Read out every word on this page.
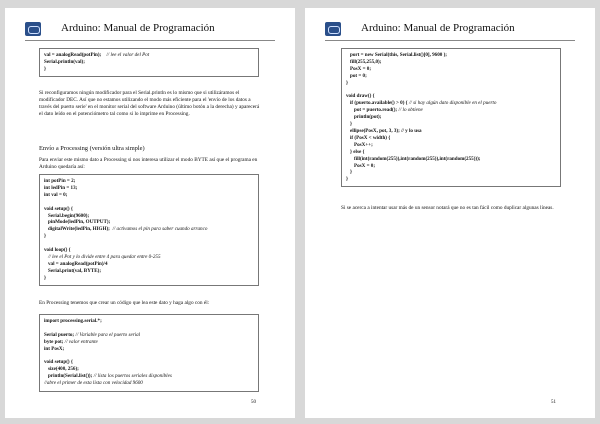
Arduino: Manual de Programación
val = analogRead(potPin); // lee el valor del Pot
Serial.println(val);
}
Si reconfiguramos ningún modificador para el Serial.println es lo mismo que si utilizáramos el modificador DEC. Así que no estamos utilizando el modo más eficiente para el 'envío de los datos a través del puerto serie' en el monitor serial del software Arduino (último botón a la derecha) y aparecerá el dato leído en el potenciómetro tal como si lo imprime en Processing.
Envío a Processing (versión ultra simple)
Para enviar este mismo dato a Processing si nos interesa utilizar el modo BYTE así que el programa en Arduino quedaría así:
int potPin = 2;
int ledPin = 13;
int val = 0;

void setup() {
Serial.begin(9600);
pinMode(ledPin, OUTPUT);
digitalWrite(ledPin, HIGH); // activamos el pin para saber cuando arranco
}

void loop() {
// lee el Pot y lo divide entre 4 para quedar entre 0-255
val = analogRead(potPin)/4
Serial.print(val, BYTE);
}
En Processing tenemos que crear un código que lea este dato y haga algo con él:
import processing.serial.*;

Serial puerto; // Variable para el puerto serial
byte pot; // valor entrante
int PosX;

void setup() {
size(400, 256);
println(Serial.list()); // lista los puertos seriales disponibles
//abre el primer de esta lista con velocidad 9600
50
Arduino: Manual de Programación
port = new Serial(this, Serial.list()[0], 9600 );
fill(255,255,0);
PosX = 0;
pot = 0;
}

void draw() {
if (puerto.available() > 0) { // si hay algún dato disponible en el puerto
pot = puerto.read(); // lo obtiene
println(pot);
}
ellipse(PosX, pot, 3, 3); // y lo usa
if (PosX < width) {
PosX++;
} else {
fill(int(random(255)),int(random(255)),int(random(255)));
PosX = 0;
}
}
Si se acerca a intentar usar más de un sensor notará que no es tan fácil como duplicar algunas líneas.
51
